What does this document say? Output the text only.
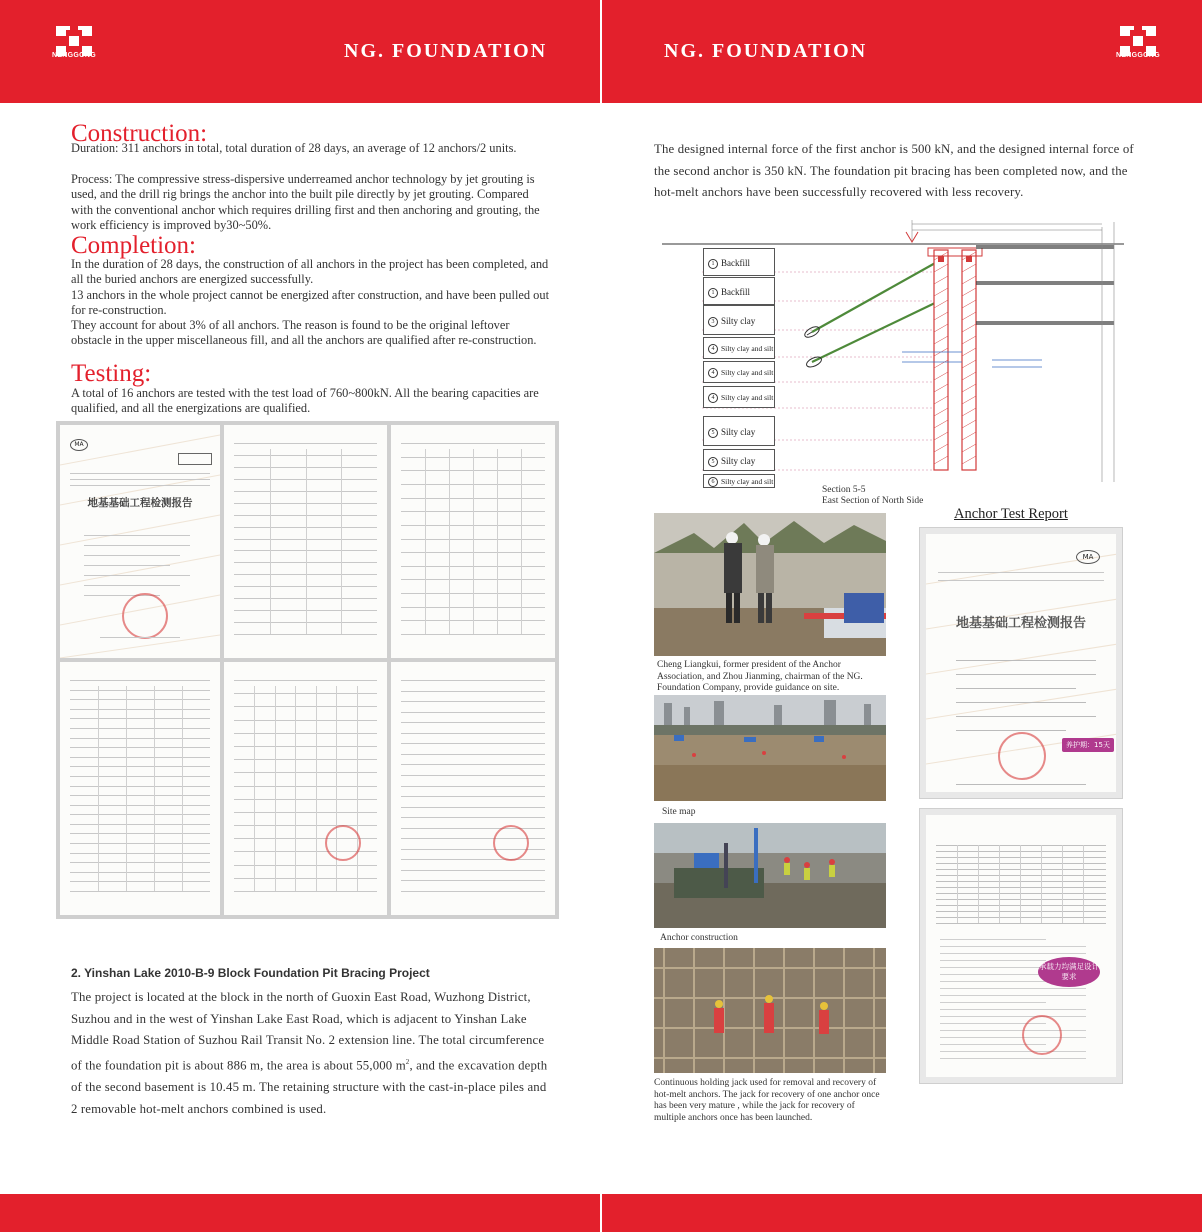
NENGGONG	NG. FOUNDATION	NG. FOUNDATION	NENGGONG
Construction:
Duration: 311 anchors in total, total duration of 28 days, an average of 12 anchors/2 units.
Process: The compressive stress-dispersive underreamed anchor technology by jet grouting is used, and the drill rig brings the anchor into the built pile directly by jet grouting. Compared with the conventional anchor which requires drilling first and then anchoring and grouting, the work efficiency is improved by30~50%.
Completion:
In the duration of 28 days, the construction of all anchors in the project has been completed, and all the buried anchors are energized successfully.
13 anchors in the whole project cannot be energized after construction, and have been pulled out for re-construction.
They account for about 3% of all anchors. The reason is found to be the original leftover obstacle in the upper miscellaneous fill, and all the anchors are qualified after re-construction.
Testing:
A total of 16 anchors are tested with the test load of 760~800kN. All the bearing capacities are qualified, and all the energizations are qualified.
MA
地基基础工程检测报告
2. Yinshan Lake 2010-B-9 Block Foundation Pit Bracing Project
The project is located at the block in the north of Guoxin East Road, Wuzhong District, Suzhou and in the west of Yinshan Lake East Road, which is adjacent to Yinshan Lake Middle Road Station of Suzhou Rail Transit No. 2 extension line. The total circumference of the foundation pit is about 886 m, the area is about 55,000 $m^2$, and the excavation depth of the second basement is 10.45 m. The retaining structure with the cast-in-place piles and 2 removable hot-melt anchors combined is used.
The designed internal force of the first anchor is 500 kN, and the designed internal force of the second anchor is 350 kN. The foundation pit bracing has been completed now, and the hot-melt anchors have been successfully recovered with less recovery.
1 Backfill
1 Backfill
3 Silty clay
4 Silty clay and silt
4 Silty clay and silt
4 Silty clay and silt
5 Silty clay
5 Silty clay
6 Silty clay and silt
Section 5-5
East Section of North Side
Anchor Test Report
Cheng Liangkui, former president of the Anchor Association, and Zhou Jianming, chairman of the NG. Foundation Company, provide guidance on site.
Site map
Anchor construction
Continuous holding jack used for removal and recovery of hot-melt anchors. The jack for recovery of one anchor once has been very mature , while the jack for recovery of multiple anchors once has been launched.
MA
地基基础工程检测报告
养护期：15天
承载力均满足设计要求
